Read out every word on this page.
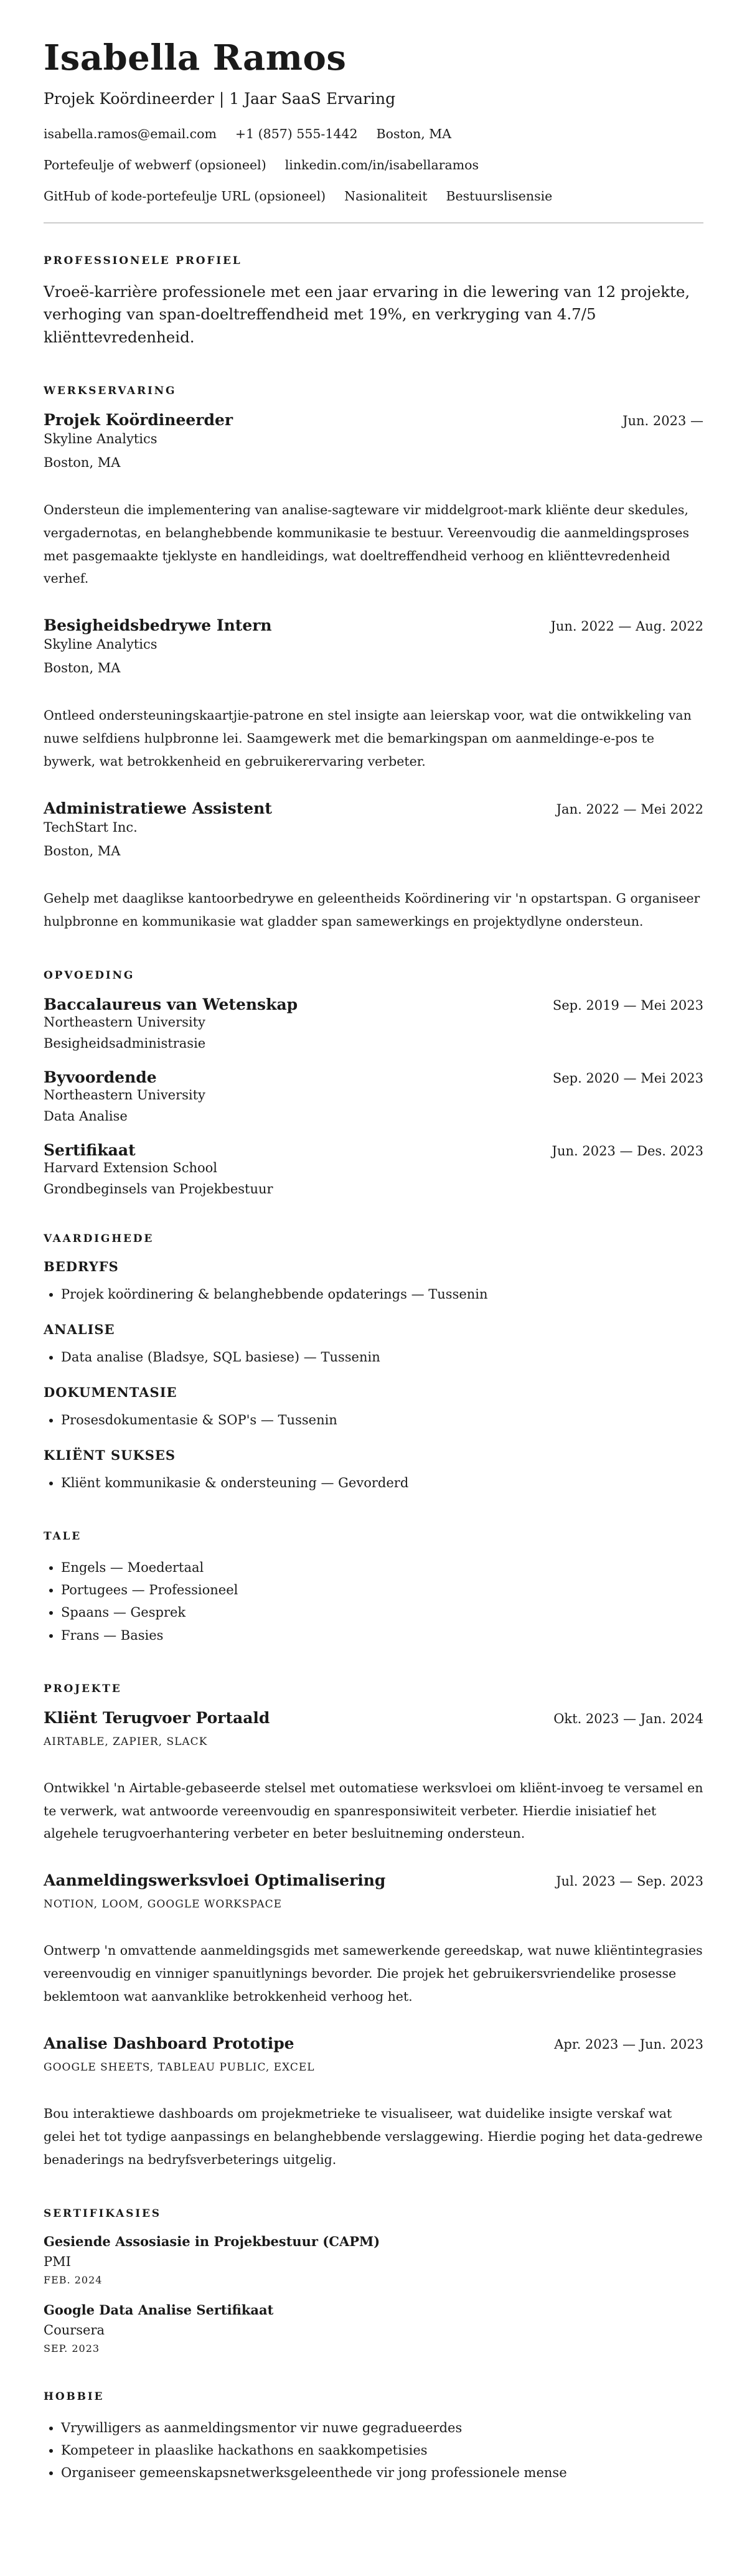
Isabella Ramos
Projek Koördineerder | 1 Jaar SaaS Ervaring
isabella.ramos@email.com +1 (857) 555-1442 Boston, MA
Portefeulje of webwerf (opsioneel) linkedin.com/in/isabellaramos
GitHub of kode-portefeulje URL (opsioneel) Nasionaliteit Bestuurslisensie
PROFESSIONELE PROFIEL

Vroeë-karrière professionele met een jaar ervaring in die lewering van 12 projekte, verhoging van span-doeltreffendheid met 19%, en verkryging van 4.7/5 kliënttevredenheid.

WERKSERVARING
Projek Koördineerder	Jun. 2023 —
Skyline Analytics
Boston, MA

Ondersteun die implementering van analise-sagteware vir middelgroot-mark kliënte deur skedules, vergadernotas, en belanghebbende kommunikasie te bestuur. Vereenvoudig die aanmeldingsproses met pasgemaakte tjeklyste en handleidings, wat doeltreffendheid verhoog en kliënttevredenheid verhef.

Besigheidsbedrywe Intern	Jun. 2022 — Aug. 2022
Skyline Analytics
Boston, MA

Ontleed ondersteuningskaartjie-patrone en stel insigte aan leierskap voor, wat die ontwikkeling van nuwe selfdiens hulpbronne lei. Saamgewerk met die bemarkingspan om aanmeldinge-e-pos te bywerk, wat betrokkenheid en gebruikerervaring verbeter.

Administratiewe Assistent	Jan. 2022 — Mei 2022
TechStart Inc.
Boston, MA

Gehelp met daaglikse kantoorbedrywe en geleentheids Koördinering vir 'n opstartspan. G organiseer hulpbronne en kommunikasie wat gladder span samewerkings en projektydlyne ondersteun.

OPVOEDING
Baccalaureus van Wetenskap	Sep. 2019 — Mei 2023
Northeastern University
Besigheidsadministrasie
Byvoordende	Sep. 2020 — Mei 2023
Northeastern University
Data Analise
Sertifikaat	Jun. 2023 — Des. 2023
Harvard Extension School
Grondbeginsels van Projekbestuur
VAARDIGHEDE
BEDRYFS
• Projek koördinering & belanghebbende opdaterings — Tussenin
ANALISE
• Data analise (Bladsye, SQL basiese) — Tussenin
DOKUMENTASIE
• Prosesdokumentasie & SOP's — Tussenin
KLIËNT SUKSES
• Kliënt kommunikasie & ondersteuning — Gevorderd
TALE
• Engels — Moedertaal
• Portugees — Professioneel
• Spaans — Gesprek
• Frans — Basies
PROJEKTE
Kliënt Terugvoer Portaald	Okt. 2023 — Jan. 2024
AIRTABLE, ZAPIER, SLACK

Ontwikkel 'n Airtable-gebaseerde stelsel met outomatiese werksvloei om kliënt-invoeg te versamel en te verwerk, wat antwoorde vereenvoudig en spanresponsiwiteit verbeter. Hierdie inisiatief het algehele terugvoerhantering verbeter en beter besluitneming ondersteun.

Aanmeldingswerksvloei Optimalisering	Jul. 2023 — Sep. 2023
NOTION, LOOM, GOOGLE WORKSPACE

Ontwerp 'n omvattende aanmeldingsgids met samewerkende gereedskap, wat nuwe kliëntintegrasies vereenvoudig en vinniger spanuitlynings bevorder. Die projek het gebruikersvriendelike prosesse beklemtoon wat aanvanklike betrokkenheid verhoog het.

Analise Dashboard Prototipe	Apr. 2023 — Jun. 2023
GOOGLE SHEETS, TABLEAU PUBLIC, EXCEL

Bou interaktiewe dashboards om projekmetrieke te visualiseer, wat duidelike insigte verskaf wat gelei het tot tydige aanpassings en belanghebbende verslaggewing. Hierdie poging het data-gedrewe benaderings na bedryfsverbeterings uitgelig.

SERTIFIKASIES
Gesiende Assosiasie in Projekbestuur (CAPM)
PMI
FEB. 2024
Google Data Analise Sertifikaat
Coursera
SEP. 2023
HOBBIE
• Vrywilligers as aanmeldingsmentor vir nuwe gegradueerdes
• Kompeteer in plaaslike hackathons en saakkompetisies
• Organiseer gemeenskapsnetwerksgeleenthede vir jong professionele mense
